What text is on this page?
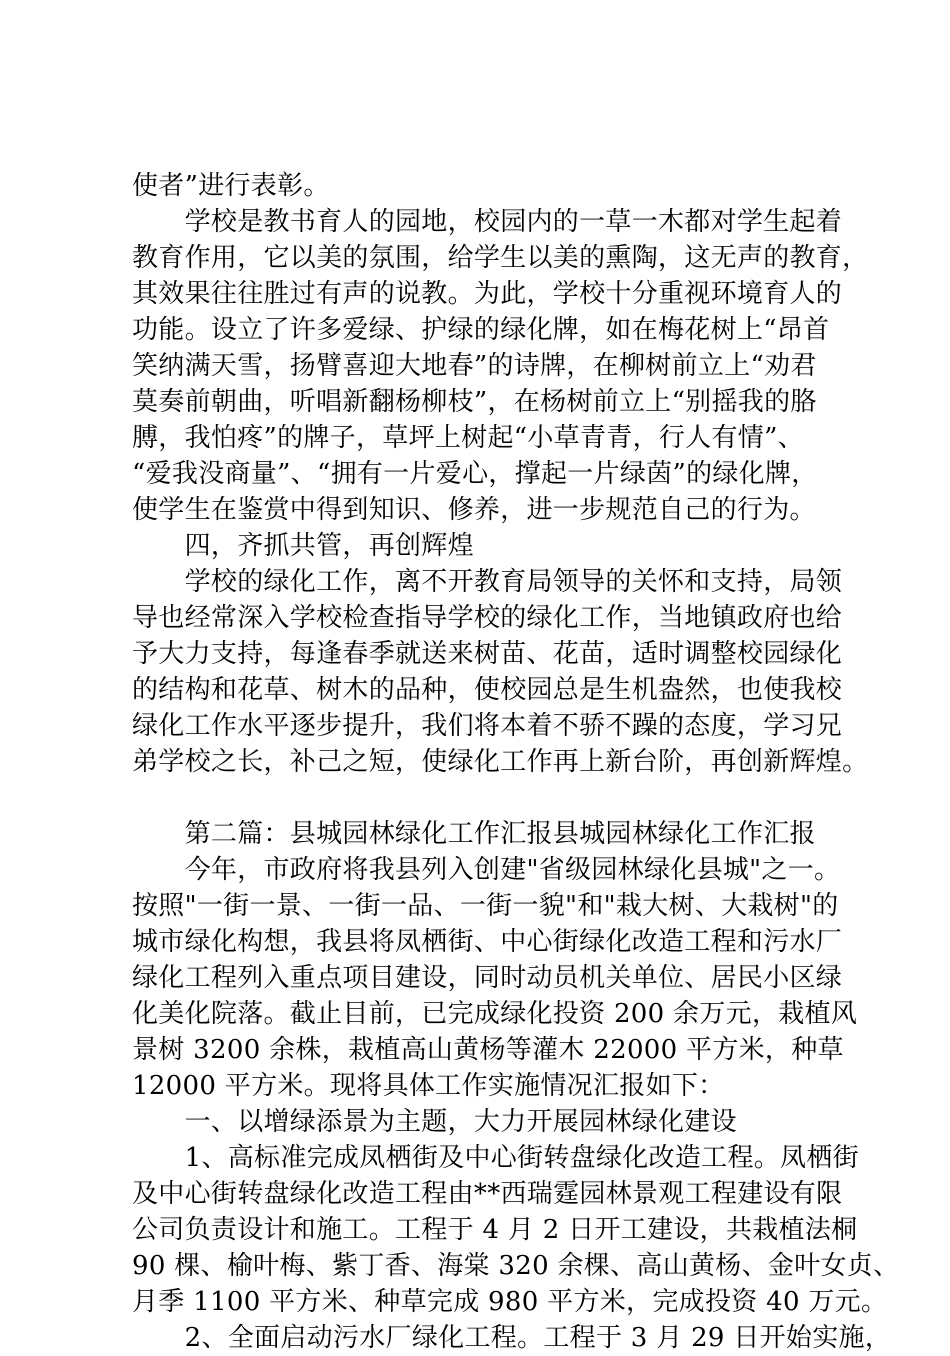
使者”进行表彰。
　　学校是教书育人的园地，校园内的一草一木都对学生起着
教育作用，它以美的氛围，给学生以美的熏陶，这无声的教育，
其效果往往胜过有声的说教。为此，学校十分重视环境育人的
功能。设立了许多爱绿、护绿的绿化牌，如在梅花树上“昂首
笑纳满天雪，扬臂喜迎大地春”的诗牌，在柳树前立上“劝君
莫奏前朝曲，听唱新翻杨柳枝”，在杨树前立上“别摇我的胳
膊，我怕疼”的牌子，草坪上树起“小草青青，行人有情”、
“爱我没商量”、“拥有一片爱心，撑起一片绿茵”的绿化牌，
使学生在鉴赏中得到知识、修养，进一步规范自己的行为。
　　四，齐抓共管，再创辉煌
　　学校的绿化工作，离不开教育局领导的关怀和支持，局领
导也经常深入学校检查指导学校的绿化工作，当地镇政府也给
予大力支持，每逢春季就送来树苗、花苗，适时调整校园绿化
的结构和花草、树木的品种，使校园总是生机盎然，也使我校
绿化工作水平逐步提升，我们将本着不骄不躁的态度，学习兄
弟学校之长，补己之短，使绿化工作再上新台阶，再创新辉煌。
　　第二篇：县城园林绿化工作汇报县城园林绿化工作汇报
　　今年，市政府将我县列入创建"省级园林绿化县城"之一。
按照"一街一景、一街一品、一街一貌"和"栽大树、大栽树"的
城市绿化构想，我县将凤栖街、中心街绿化改造工程和污水厂
绿化工程列入重点项目建设，同时动员机关单位、居民小区绿
化美化院落。截止目前，已完成绿化投资 200 余万元，栽植风
景树 3200 余株，栽植高山黄杨等灌木 22000 平方米，种草
12000 平方米。现将具体工作实施情况汇报如下：
　　一、以增绿添景为主题，大力开展园林绿化建设
　　1、高标准完成凤栖街及中心街转盘绿化改造工程。凤栖街
及中心街转盘绿化改造工程由**西瑞霆园林景观工程建设有限
公司负责设计和施工。工程于 4 月 2 日开工建设，共栽植法桐
90 棵、榆叶梅、紫丁香、海棠 320 余棵、高山黄杨、金叶女贞、
月季 1100 平方米、种草完成 980 平方米，完成投资 40 万元。
　　2、全面启动污水厂绿化工程。工程于 3 月 29 日开始实施，
